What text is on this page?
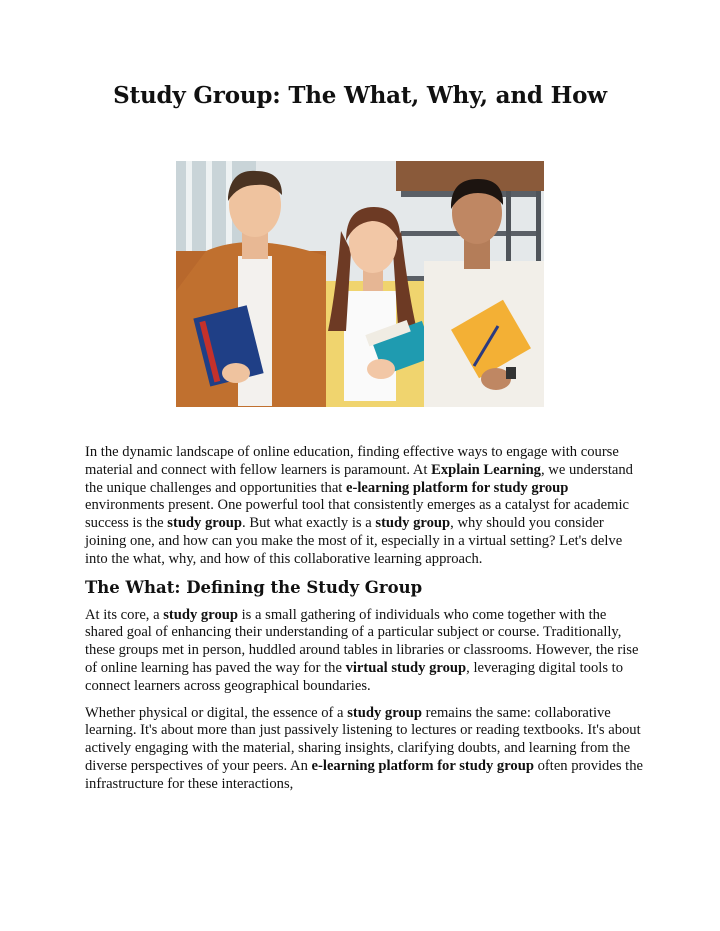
Study Group: The What, Why, and How

In the dynamic landscape of online education, finding effective ways to engage with course material and connect with fellow learners is paramount. At Explain Learning, we understand the unique challenges and opportunities that e-learning platform for study group environments present. One powerful tool that consistently emerges as a catalyst for academic success is the study group. But what exactly is a study group, why should you consider joining one, and how can you make the most of it, especially in a virtual setting? Let's delve into the what, why, and how of this collaborative learning approach.

The What: Defining the Study Group

At its core, a study group is a small gathering of individuals who come together with the shared goal of enhancing their understanding of a particular subject or course. Traditionally, these groups met in person, huddled around tables in libraries or classrooms. However, the rise of online learning has paved the way for the virtual study group, leveraging digital tools to connect learners across geographical boundaries.

Whether physical or digital, the essence of a study group remains the same: collaborative learning. It's about more than just passively listening to lectures or reading textbooks. It's about actively engaging with the material, sharing insights, clarifying doubts, and learning from the diverse perspectives of your peers. An e-learning platform for study group often provides the infrastructure for these interactions,
